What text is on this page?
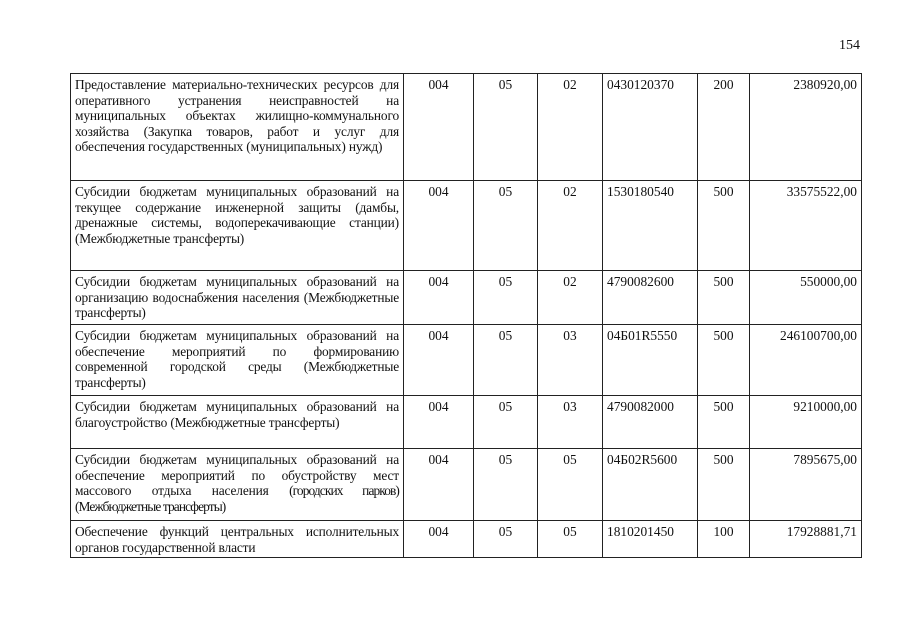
154
Предоставление материально-технических ресурсов для оперативного устранения неисправностей на муниципальных объектах жилищно-коммунального хозяйства (Закупка товаров, работ и услуг для обеспечения государственных (муниципальных) нужд)	004	05	02	0430120370	200	2380920,00
Субсидии бюджетам муниципальных образований на текущее содержание инженерной защиты (дамбы, дренажные системы, водоперекачивающие станции) (Межбюджетные трансферты)	004	05	02	1530180540	500	33575522,00
Субсидии бюджетам муниципальных образований на организацию водоснабжения населения (Межбюджетные трансферты)	004	05	02	4790082600	500	550000,00
Субсидии бюджетам муниципальных образований на обеспечение мероприятий по формированию современной городской среды (Межбюджетные трансферты)	004	05	03	04Б01R5550	500	246100700,00
Субсидии бюджетам муниципальных образований на благоустройство (Межбюджетные трансферты)	004	05	03	4790082000	500	9210000,00
Субсидии бюджетам муниципальных образований на обеспечение мероприятий по обустройству мест массового отдыха населения (городских парков) (Межбюджетные трансферты)	004	05	05	04Б02R5600	500	7895675,00
Обеспечение функций центральных исполнительных органов государственной власти	004	05	05	1810201450	100	17928881,71
